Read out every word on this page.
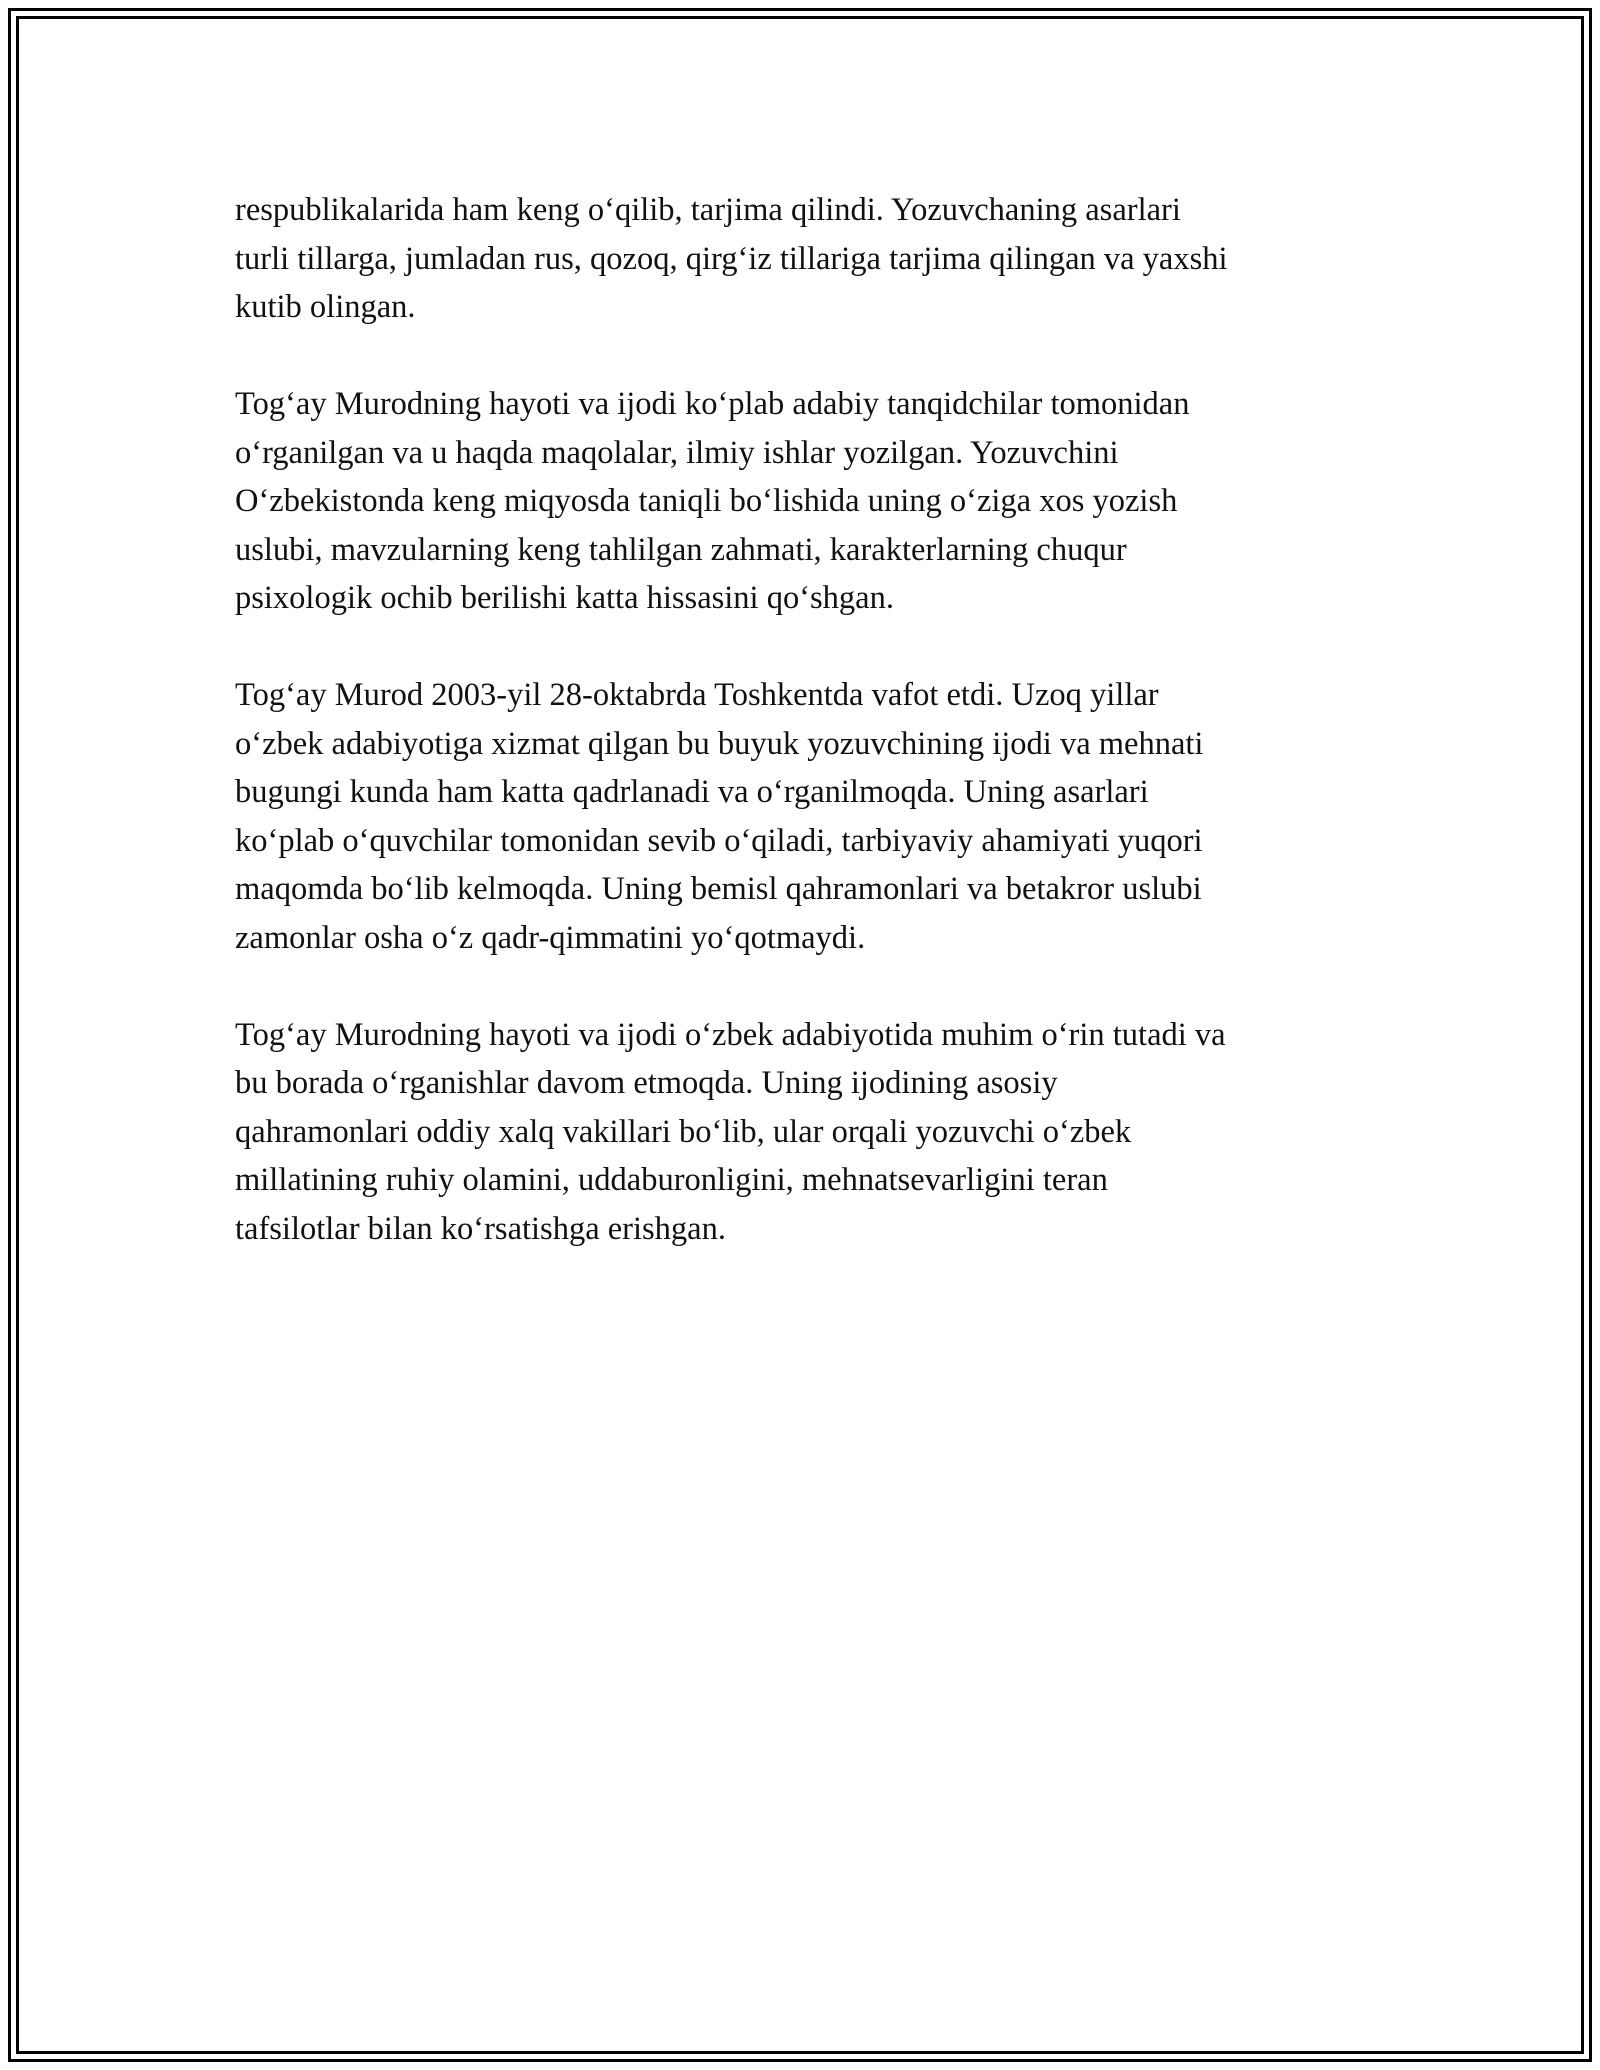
respublikalarida ham keng o‘qilib, tarjima qilindi. Yozuvchaning asarlari
turli tillarga, jumladan rus, qozoq, qirg‘iz tillariga tarjima qilingan va yaxshi
kutib olingan.

Tog‘ay Murodning hayoti va ijodi ko‘plab adabiy tanqidchilar tomonidan
o‘rganilgan va u haqda maqolalar, ilmiy ishlar yozilgan. Yozuvchini
O‘zbekistonda keng miqyosda taniqli bo‘lishida uning o‘ziga xos yozish
uslubi, mavzularning keng tahlilgan zahmati, karakterlarning chuqur
psixologik ochib berilishi katta hissasini qo‘shgan.

Tog‘ay Murod 2003-yil 28-oktabrda Toshkentda vafot etdi. Uzoq yillar
o‘zbek adabiyotiga xizmat qilgan bu buyuk yozuvchining ijodi va mehnati
bugungi kunda ham katta qadrlanadi va o‘rganilmoqda. Uning asarlari
ko‘plab o‘quvchilar tomonidan sevib o‘qiladi, tarbiyaviy ahamiyati yuqori
maqomda bo‘lib kelmoqda. Uning bemisl qahramonlari va betakror uslubi
zamonlar osha o‘z qadr-qimmatini yo‘qotmaydi.

Tog‘ay Murodning hayoti va ijodi o‘zbek adabiyotida muhim o‘rin tutadi va
bu borada o‘rganishlar davom etmoqda. Uning ijodining asosiy
qahramonlari oddiy xalq vakillari bo‘lib, ular orqali yozuvchi o‘zbek
millatining ruhiy olamini, uddaburonligini, mehnatsevarligini teran
tafsilotlar bilan ko‘rsatishga erishgan.
